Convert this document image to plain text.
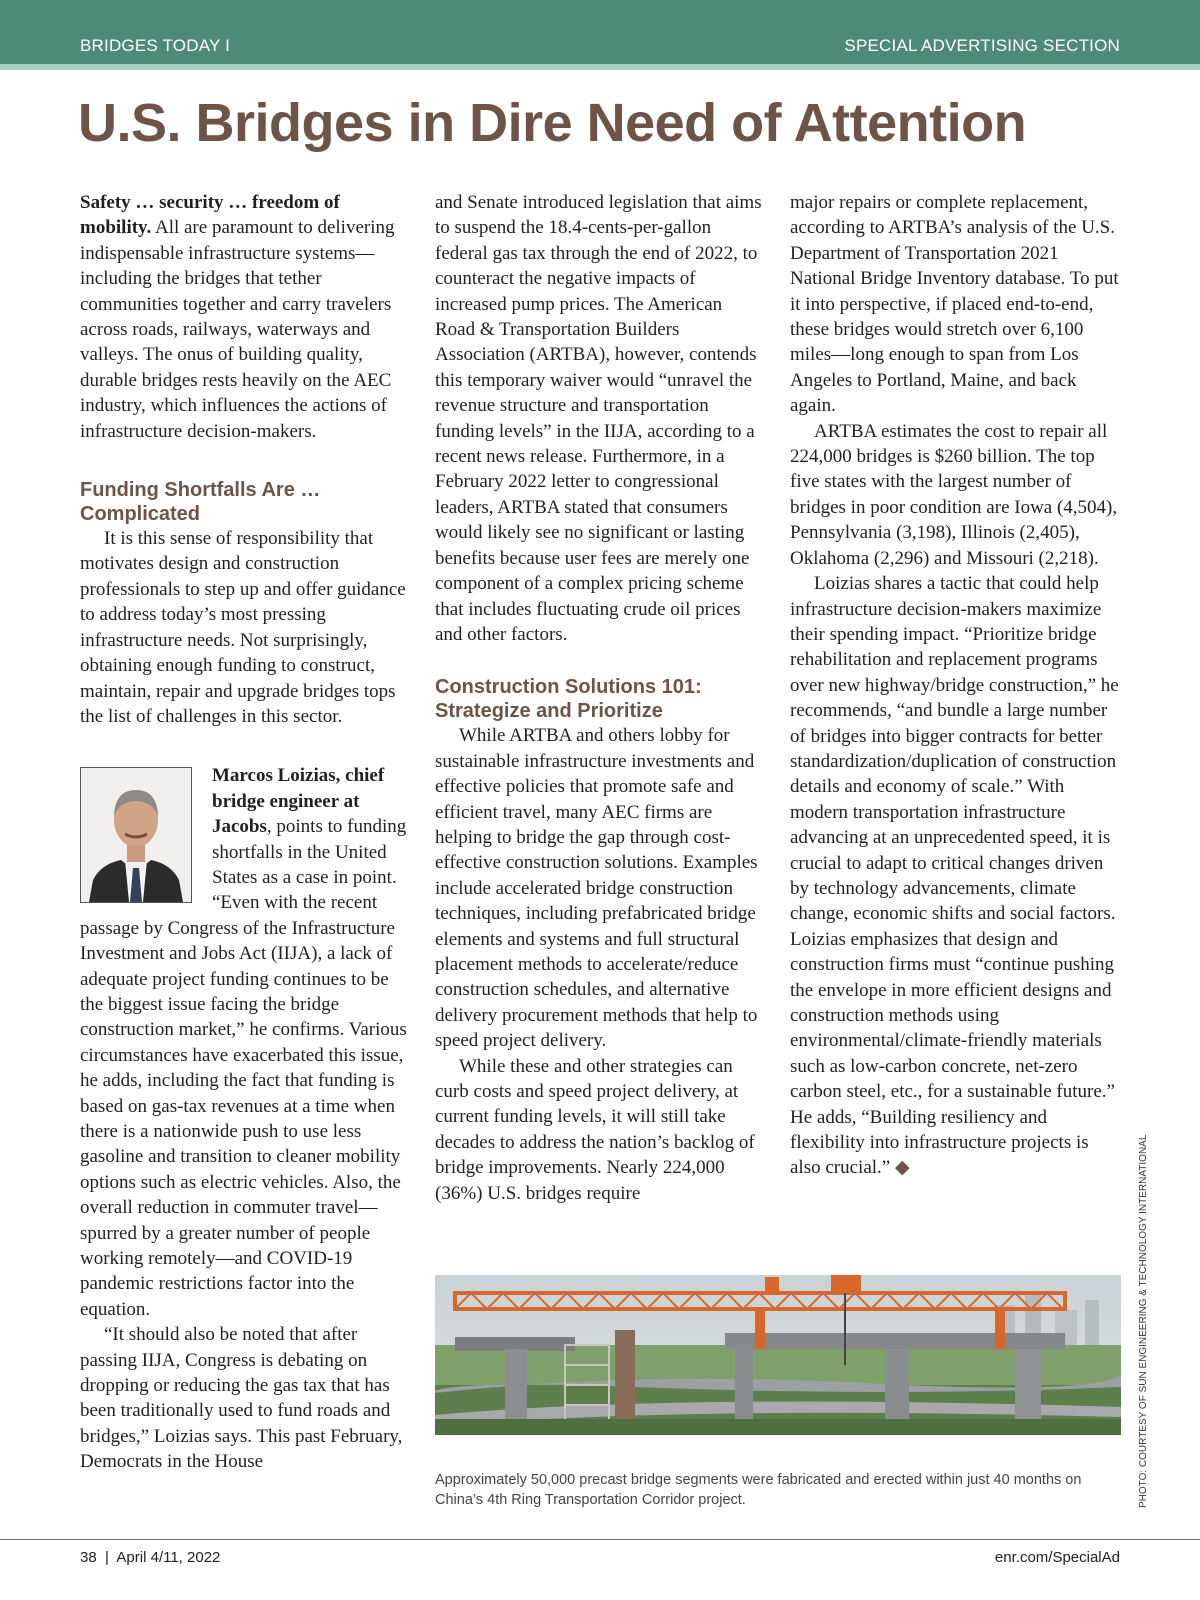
BRIDGES TODAY I	SPECIAL ADVERTISING SECTION
U.S. Bridges in Dire Need of Attention

Safety … security … freedom of mobility. All are paramount to delivering indispensable infrastructure systems—including the bridges that tether communities together and carry travelers across roads, railways, waterways and valleys. The onus of building quality, durable bridges rests heavily on the AEC industry, which influences the actions of infrastructure decision-makers.

Funding Shortfalls Are … Complicated

It is this sense of responsibility that motivates design and construction professionals to step up and offer guidance to address today’s most pressing infrastructure needs. Not surprisingly, obtaining enough funding to construct, maintain, repair and upgrade bridges tops the list of challenges in this sector.

Marcos Loizias, chief bridge engineer at Jacobs, points to funding shortfalls in the United States as a case in point. “Even with the recent passage by Congress of the Infrastructure Investment and Jobs Act (IIJA), a lack of adequate project funding continues to be the biggest issue facing the bridge construction market,” he confirms. Various circumstances have exacerbated this issue, he adds, including the fact that funding is based on gas-tax revenues at a time when there is a nationwide push to use less gasoline and transition to cleaner mobility options such as electric vehicles. Also, the overall reduction in commuter travel—spurred by a greater number of people working remotely—and COVID-19 pandemic restrictions factor into the equation.

“It should also be noted that after passing IIJA, Congress is debating on dropping or reducing the gas tax that has been traditionally used to fund roads and bridges,” Loizias says. This past February, Democrats in the House

and Senate introduced legislation that aims to suspend the 18.4-cents-per-gallon federal gas tax through the end of 2022, to counteract the negative impacts of increased pump prices. The American Road & Transportation Builders Association (ARTBA), however, contends this temporary waiver would “unravel the revenue structure and transportation funding levels” in the IIJA, according to a recent news release. Furthermore, in a February 2022 letter to congressional leaders, ARTBA stated that consumers would likely see no significant or lasting benefits because user fees are merely one component of a complex pricing scheme that includes fluctuating crude oil prices and other factors.

Construction Solutions 101: Strategize and Prioritize

While ARTBA and others lobby for sustainable infrastructure investments and effective policies that promote safe and efficient travel, many AEC firms are helping to bridge the gap through cost-effective construction solutions. Examples include accelerated bridge construction techniques, including prefabricated bridge elements and systems and full structural placement methods to accelerate/reduce construction schedules, and alternative delivery procurement methods that help to speed project delivery.

While these and other strategies can curb costs and speed project delivery, at current funding levels, it will still take decades to address the nation’s backlog of bridge improvements. Nearly 224,000 (36%) U.S. bridges require

major repairs or complete replacement, according to ARTBA’s analysis of the U.S. Department of Transportation 2021 National Bridge Inventory database. To put it into perspective, if placed end-to-end, these bridges would stretch over 6,100 miles—long enough to span from Los Angeles to Portland, Maine, and back again.

ARTBA estimates the cost to repair all 224,000 bridges is $260 billion. The top five states with the largest number of bridges in poor condition are Iowa (4,504), Pennsylvania (3,198), Illinois (2,405), Oklahoma (2,296) and Missouri (2,218).

Loizias shares a tactic that could help infrastructure decision-makers maximize their spending impact. “Prioritize bridge rehabilitation and replacement programs over new highway/bridge construction,” he recommends, “and bundle a large number of bridges into bigger contracts for better standardization/duplication of construction details and economy of scale.” With modern transportation infrastructure advancing at an unprecedented speed, it is crucial to adapt to critical changes driven by technology advancements, climate change, economic shifts and social factors. Loizias emphasizes that design and construction firms must “continue pushing the envelope in more efficient designs and construction methods using environmental/climate-friendly materials such as low-carbon concrete, net-zero carbon steel, etc., for a sustainable future.” He adds, “Building resiliency and flexibility into infrastructure projects is also crucial.” ◆

Approximately 50,000 precast bridge segments were fabricated and erected within just 40 months on China’s 4th Ring Transportation Corridor project.	PHOTO: COURTESY OF SUN ENGINEERING & TECHNOLOGY INTERNATIONAL
38  |  April 4/11, 2022	enr.com/SpecialAd
